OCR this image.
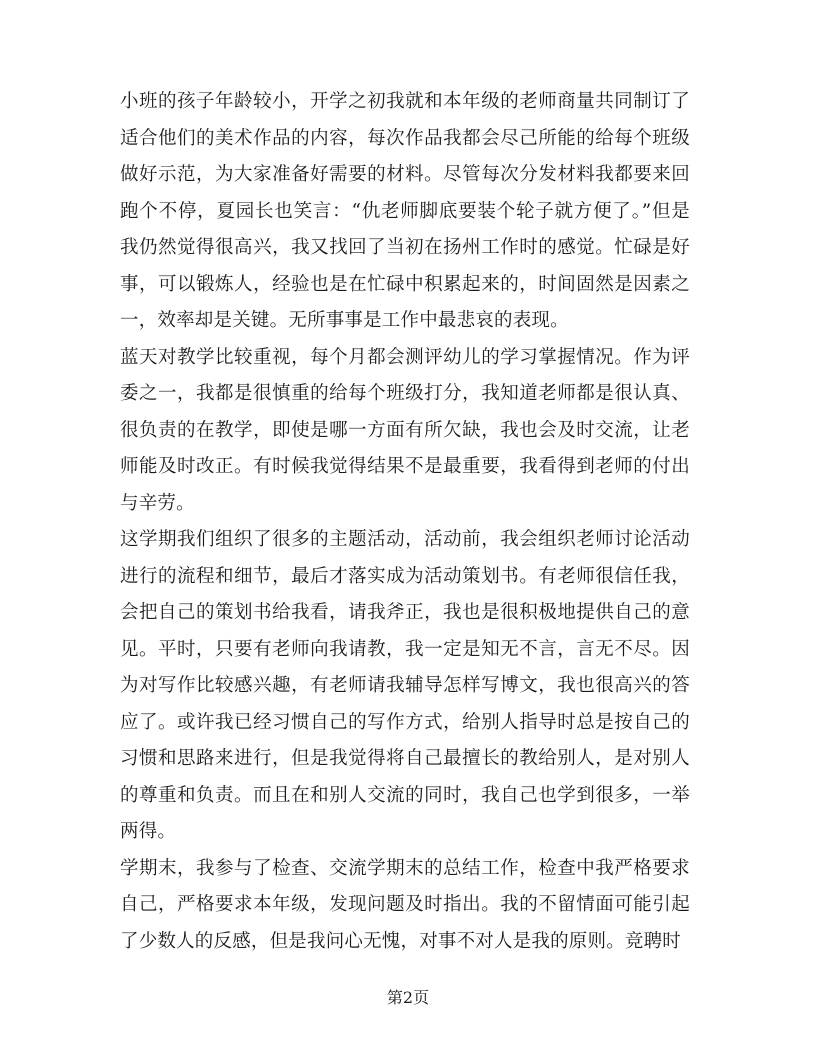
小班的孩子年龄较小，开学之初我就和本年级的老师商量共同制订了适合他们的美术作品的内容，每次作品我都会尽己所能的给每个班级做好示范，为大家准备好需要的材料。尽管每次分发材料我都要来回跑个不停，夏园长也笑言：“仇老师脚底要装个轮子就方便了。”但是我仍然觉得很高兴，我又找回了当初在扬州工作时的感觉。忙碌是好事，可以锻炼人，经验也是在忙碌中积累起来的，时间固然是因素之一，效率却是关键。无所事事是工作中最悲哀的表现。

蓝天对教学比较重视，每个月都会测评幼儿的学习掌握情况。作为评委之一，我都是很慎重的给每个班级打分，我知道老师都是很认真、很负责的在教学，即使是哪一方面有所欠缺，我也会及时交流，让老师能及时改正。有时候我觉得结果不是最重要，我看得到老师的付出与辛劳。

这学期我们组织了很多的主题活动，活动前，我会组织老师讨论活动进行的流程和细节，最后才落实成为活动策划书。有老师很信任我，会把自己的策划书给我看，请我斧正，我也是很积极地提供自己的意见。平时，只要有老师向我请教，我一定是知无不言，言无不尽。因为对写作比较感兴趣，有老师请我辅导怎样写博文，我也很高兴的答应了。或许我已经习惯自己的写作方式，给别人指导时总是按自己的习惯和思路来进行，但是我觉得将自己最擅长的教给别人，是对别人的尊重和负责。而且在和别人交流的同时，我自己也学到很多，一举两得。

学期末，我参与了检查、交流学期末的总结工作，检查中我严格要求自己，严格要求本年级，发现问题及时指出。我的不留情面可能引起了少数人的反感，但是我问心无愧，对事不对人是我的原则。竞聘时

第2页
